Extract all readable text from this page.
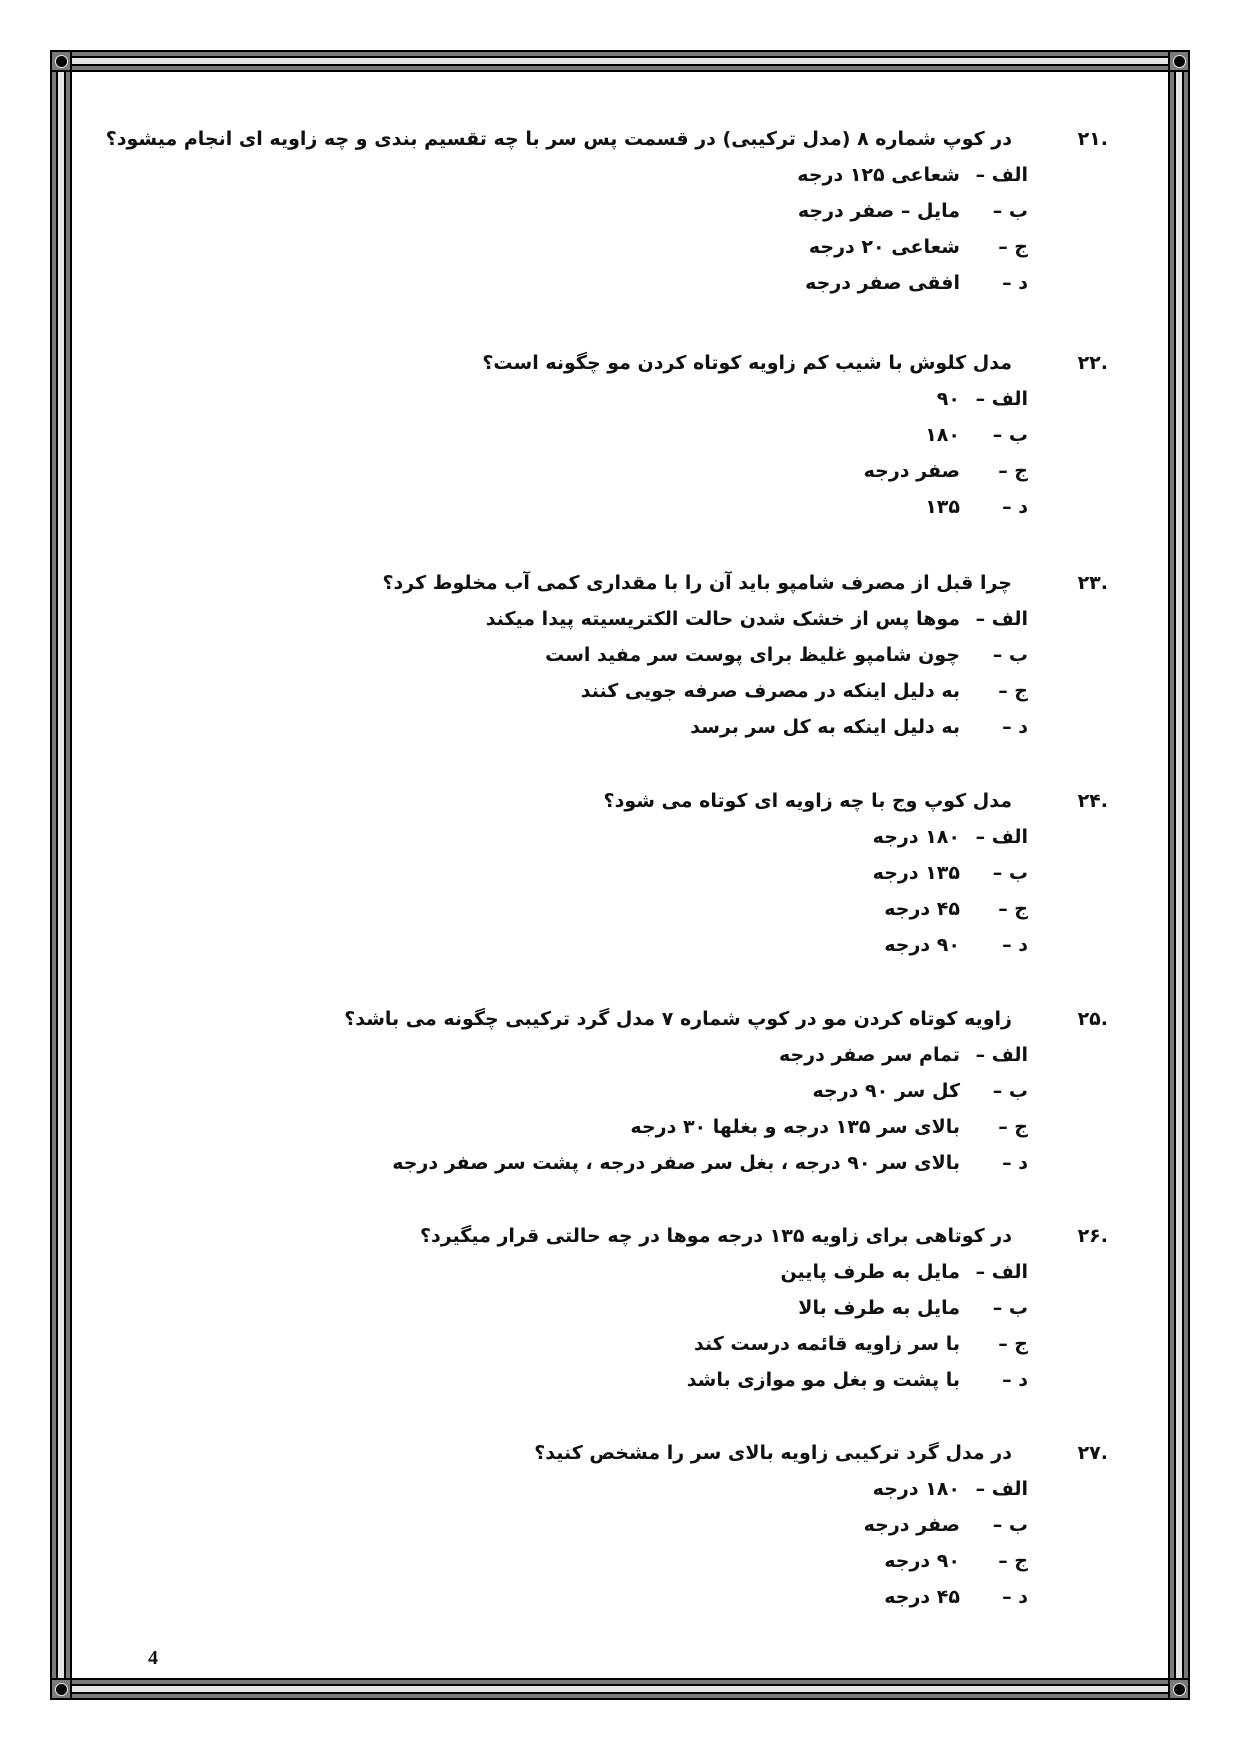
.۲۱
در کوپ شماره ۸ (مدل ترکیبی) در قسمت پس سر با چه تقسیم بندی و چه زاویه ای انجام میشود؟
الف –
شعاعی ۱۲۵ درجه
ب –
مایل – صفر درجه
ج –
شعاعی ۲۰ درجه
د –
افقی صفر درجه
.۲۲
مدل کلوش با شیب کم زاویه کوتاه کردن مو چگونه است؟
الف –
۹۰
ب –
۱۸۰
ج –
صفر درجه
د –
۱۳۵
.۲۳
چرا قبل از مصرف شامپو باید آن را با مقداری کمی آب مخلوط کرد؟
الف –
موها پس از خشک شدن حالت الکتریسیته پیدا میکند
ب –
چون شامپو غلیظ برای پوست سر مفید است
ج –
به دلیل اینکه در مصرف صرفه جویی کنند
د –
به دلیل اینکه به کل سر برسد
.۲۴
مدل کوپ وج با چه زاویه ای کوتاه می شود؟
الف –
۱۸۰ درجه
ب –
۱۳۵ درجه
ج –
۴۵ درجه
د –
۹۰ درجه
.۲۵
زاویه کوتاه کردن مو در کوپ شماره ۷ مدل گرد ترکیبی چگونه می باشد؟
الف –
تمام سر صفر درجه
ب –
کل سر ۹۰ درجه
ج –
بالای سر ۱۳۵ درجه و بغلها ۳۰ درجه
د –
بالای سر ۹۰ درجه ، بغل سر صفر درجه ، پشت سر صفر درجه
.۲۶
در کوتاهی برای زاویه ۱۳۵ درجه موها در چه حالتی قرار میگیرد؟
الف –
مایل به طرف پایین
ب –
مایل به طرف بالا
ج –
با سر زاویه قائمه درست کند
د –
با پشت و بغل مو موازی باشد
.۲۷
در مدل گرد ترکیبی زاویه بالای سر را مشخص کنید؟
الف –
۱۸۰ درجه
ب –
صفر درجه
ج –
۹۰ درجه
د –
۴۵ درجه
4
